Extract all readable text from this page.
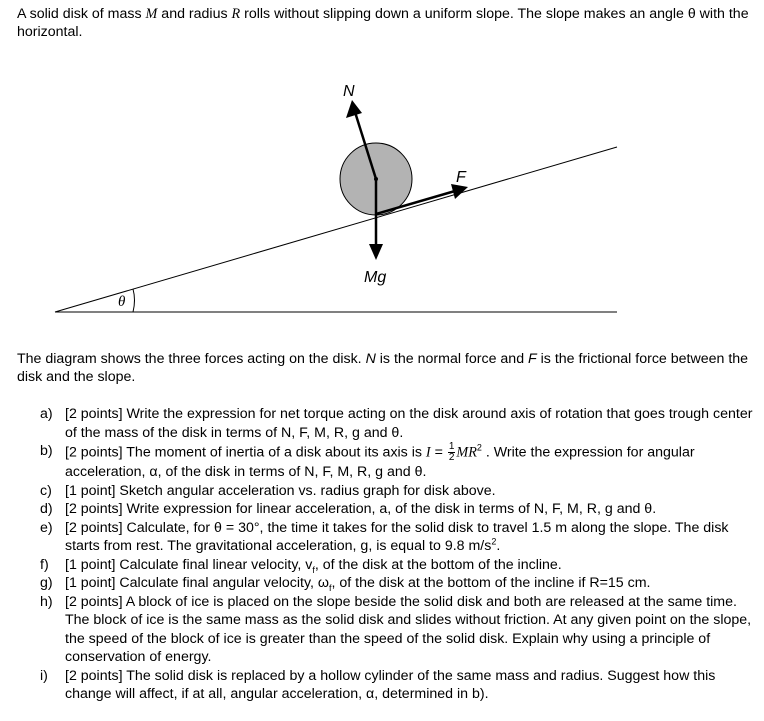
A solid disk of mass M and radius R rolls without slipping down a uniform slope. The slope makes an angle θ with the horizontal.
θ
N
F
Mg
The diagram shows the three forces acting on the disk. N is the normal force and F is the frictional force between the disk and the slope.
a) [2 points] Write the expression for net torque acting on the disk around axis of rotation that goes trough center of the mass of the disk in terms of N, F, M, R, g and θ.
b) [2 points] The moment of inertia of a disk about its axis is $I = \frac{1}{2} MR^2$ . Write the expression for angular acceleration, α, of the disk in terms of N, F, M, R, g and θ.
c) [1 point] Sketch angular acceleration vs. radius graph for disk above.
d) [2 points] Write expression for linear acceleration, a, of the disk in terms of N, F, M, R, g and θ.
e) [2 points] Calculate, for θ = 30°, the time it takes for the solid disk to travel 1.5 m along the slope. The disk starts from rest. The gravitational acceleration, g, is equal to 9.8 $m/s^2$.
f) [1 point] Calculate final linear velocity, $v_f$, of the disk at the bottom of the incline.
g) [1 point] Calculate final angular velocity, $\omega_f$, of the disk at the bottom of the incline if R=15 cm.
h) [2 points] A block of ice is placed on the slope beside the solid disk and both are released at the same time. The block of ice is the same mass as the solid disk and slides without friction. At any given point on the slope, the speed of the block of ice is greater than the speed of the solid disk. Explain why using a principle of conservation of energy.
i) [2 points] The solid disk is replaced by a hollow cylinder of the same mass and radius. Suggest how this change will affect, if at all, angular acceleration, α, determined in b).
